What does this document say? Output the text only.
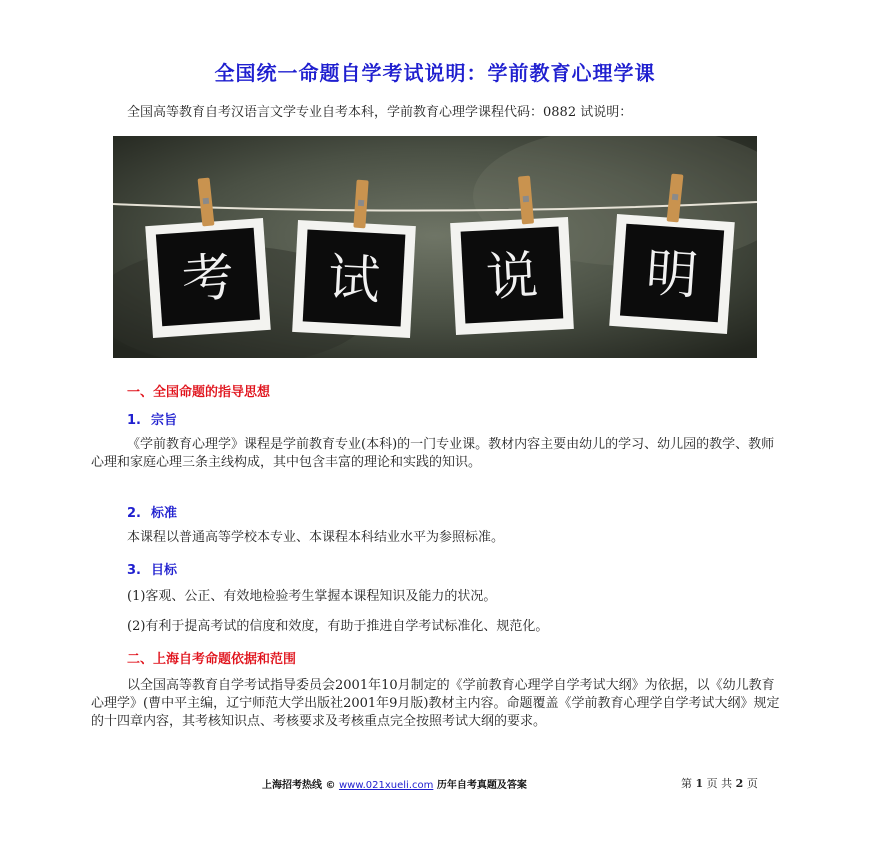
全国统一命题自学考试说明：学前教育心理学课
全国高等教育自考汉语言文学专业自考本科，学前教育心理学课程代码：0882 试说明：
考 试 说 明
一、全国命题的指导思想
1. 宗旨
《学前教育心理学》课程是学前教育专业(本科)的一门专业课。教材内容主要由幼儿的学习、幼儿园的教学、教师心理和家庭心理三条主线构成，其中包含丰富的理论和实践的知识。
2. 标准
本课程以普通高等学校本专业、本课程本科结业水平为参照标准。
3. 目标
(1)客观、公正、有效地检验考生掌握本课程知识及能力的状况。
(2)有利于提高考试的信度和效度，有助于推进自学考试标准化、规范化。
二、上海自考命题依据和范围
以全国高等教育自学考试指导委员会2001年10月制定的《学前教育心理学自学考试大纲》为依据，以《幼儿教育心理学》(曹中平主编，辽宁师范大学出版社2001年9月版)教材主内容。命题覆盖《学前教育心理学自学考试大纲》规定的十四章内容，其考核知识点、考核要求及考核重点完全按照考试大纲的要求。
上海招考热线 © www.021xueli.com 历年自考真题及答案	第 1 页 共 2 页
